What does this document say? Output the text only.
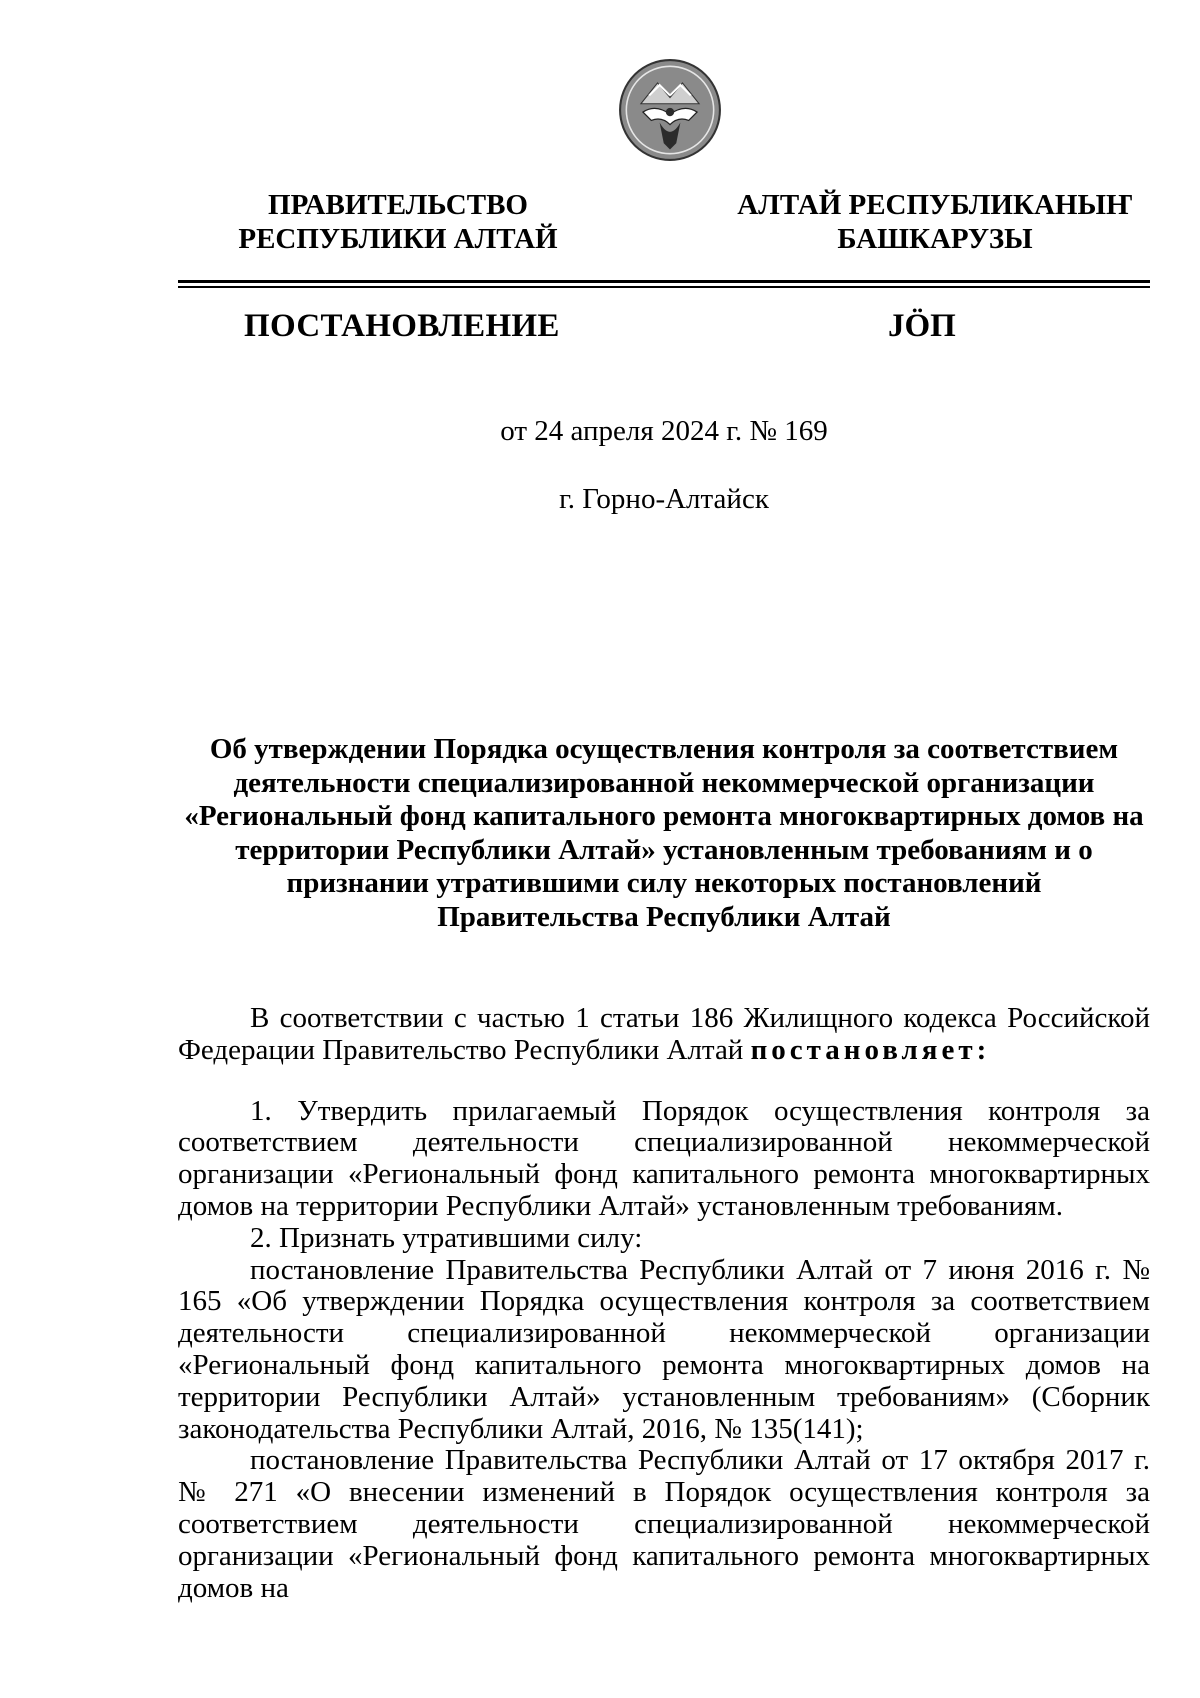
ПРАВИТЕЛЬСТВО
РЕСПУБЛИКИ АЛТАЙ
АЛТАЙ РЕСПУБЛИКАНЫҤ
БАШКАРУЗЫ
ПОСТАНОВЛЕНИЕ	JÖП
от 24 апреля 2024 г. № 169
г. Горно-Алтайск
Об утверждении Порядка осуществления контроля за соответствием
деятельности специализированной некоммерческой организации
«Региональный фонд капитального ремонта многоквартирных домов на
территории Республики Алтай» установленным требованиям и о
признании утратившими силу некоторых постановлений
Правительства Республики Алтай

В соответствии с частью 1 статьи 186 Жилищного кодекса Российской Федерации Правительство Республики Алтай постановляет:

1. Утвердить прилагаемый Порядок осуществления контроля за соответствием деятельности специализированной некоммерческой организации «Региональный фонд капитального ремонта многоквартирных домов на территории Республики Алтай» установленным требованиям.

2. Признать утратившими силу:

постановление Правительства Республики Алтай от 7 июня 2016 г. № 165 «Об утверждении Порядка осуществления контроля за соответствием деятельности специализированной некоммерческой организации «Региональный фонд капитального ремонта многоквартирных домов на территории Республики Алтай» установленным требованиям» (Сборник законодательства Республики Алтай, 2016, № 135(141);

постановление Правительства Республики Алтай от 17 октября 2017 г. № 271 «О внесении изменений в Порядок осуществления контроля за соответствием деятельности специализированной некоммерческой организации «Региональный фонд капитального ремонта многоквартирных домов на
